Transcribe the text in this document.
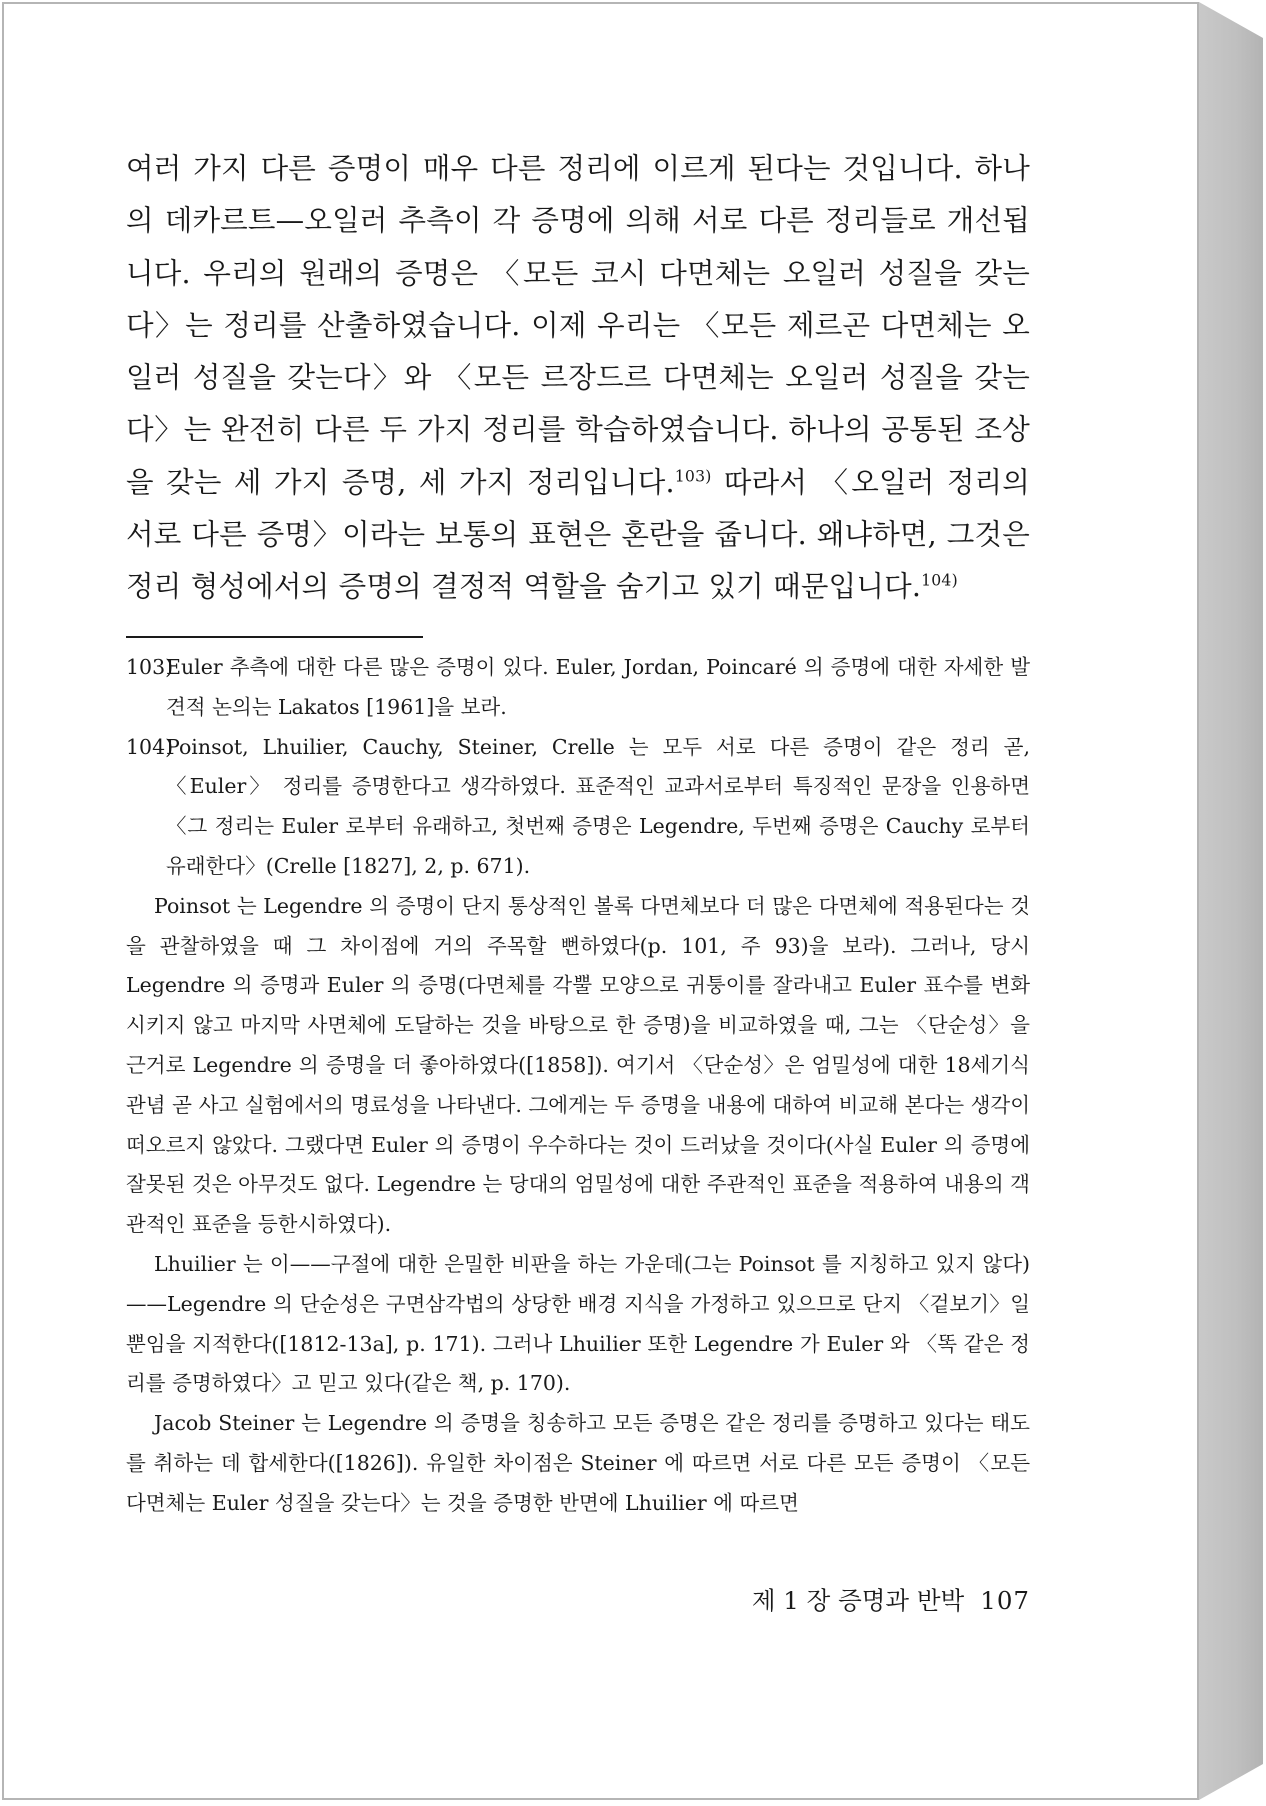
여러 가지 다른 증명이 매우 다른 정리에 이르게 된다는 것입니다. 하나의 데카르트—오일러 추측이 각 증명에 의해 서로 다른 정리들로 개선됩니다. 우리의 원래의 증명은 〈모든 코시 다면체는 오일러 성질을 갖는다〉는 정리를 산출하였습니다. 이제 우리는 〈모든 제르곤 다면체는 오일러 성질을 갖는다〉와 〈모든 르장드르 다면체는 오일러 성질을 갖는다〉는 완전히 다른 두 가지 정리를 학습하였습니다. 하나의 공통된 조상을 갖는 세 가지 증명, 세 가지 정리입니다.$^{103)}$ 따라서 〈오일러 정리의 서로 다른 증명〉이라는 보통의 표현은 혼란을 줍니다. 왜냐하면, 그것은 정리 형성에서의 증명의 결정적 역할을 숨기고 있기 때문입니다.$^{104)}$

103)Euler 추측에 대한 다른 많은 증명이 있다. Euler, Jordan, Poincaré 의 증명에 대한 자세한 발견적 논의는 Lakatos [1961]을 보라.

104)Poinsot, Lhuilier, Cauchy, Steiner, Crelle 는 모두 서로 다른 증명이 같은 정리 곧, 〈Euler〉 정리를 증명한다고 생각하였다. 표준적인 교과서로부터 특징적인 문장을 인용하면 〈그 정리는 Euler 로부터 유래하고, 첫번째 증명은 Legendre, 두번째 증명은 Cauchy 로부터 유래한다〉(Crelle [1827], 2, p. 671).

Poinsot 는 Legendre 의 증명이 단지 통상적인 볼록 다면체보다 더 많은 다면체에 적용된다는 것을 관찰하였을 때 그 차이점에 거의 주목할 뻔하였다(p. 101, 주 93)을 보라). 그러나, 당시 Legendre 의 증명과 Euler 의 증명(다면체를 각뿔 모양으로 귀퉁이를 잘라내고 Euler 표수를 변화시키지 않고 마지막 사면체에 도달하는 것을 바탕으로 한 증명)을 비교하였을 때, 그는 〈단순성〉을 근거로 Legendre 의 증명을 더 좋아하였다([1858]). 여기서 〈단순성〉은 엄밀성에 대한 18세기식 관념 곧 사고 실험에서의 명료성을 나타낸다. 그에게는 두 증명을 내용에 대하여 비교해 본다는 생각이 떠오르지 않았다. 그랬다면 Euler 의 증명이 우수하다는 것이 드러났을 것이다(사실 Euler 의 증명에 잘못된 것은 아무것도 없다. Legendre 는 당대의 엄밀성에 대한 주관적인 표준을 적용하여 내용의 객관적인 표준을 등한시하였다).

Lhuilier 는 이——구절에 대한 은밀한 비판을 하는 가운데(그는 Poinsot 를 지칭하고 있지 않다)——Legendre 의 단순성은 구면삼각법의 상당한 배경 지식을 가정하고 있으므로 단지 〈겉보기〉일 뿐임을 지적한다([1812-13a], p. 171). 그러나 Lhuilier 또한 Legendre 가 Euler 와 〈똑 같은 정리를 증명하였다〉고 믿고 있다(같은 책, p. 170).

Jacob Steiner 는 Legendre 의 증명을 칭송하고 모든 증명은 같은 정리를 증명하고 있다는 태도를 취하는 데 합세한다([1826]). 유일한 차이점은 Steiner 에 따르면 서로 다른 모든 증명이 〈모든 다면체는 Euler 성질을 갖는다〉는 것을 증명한 반면에 Lhuilier 에 따르면

제 1 장 증명과 반박 107
